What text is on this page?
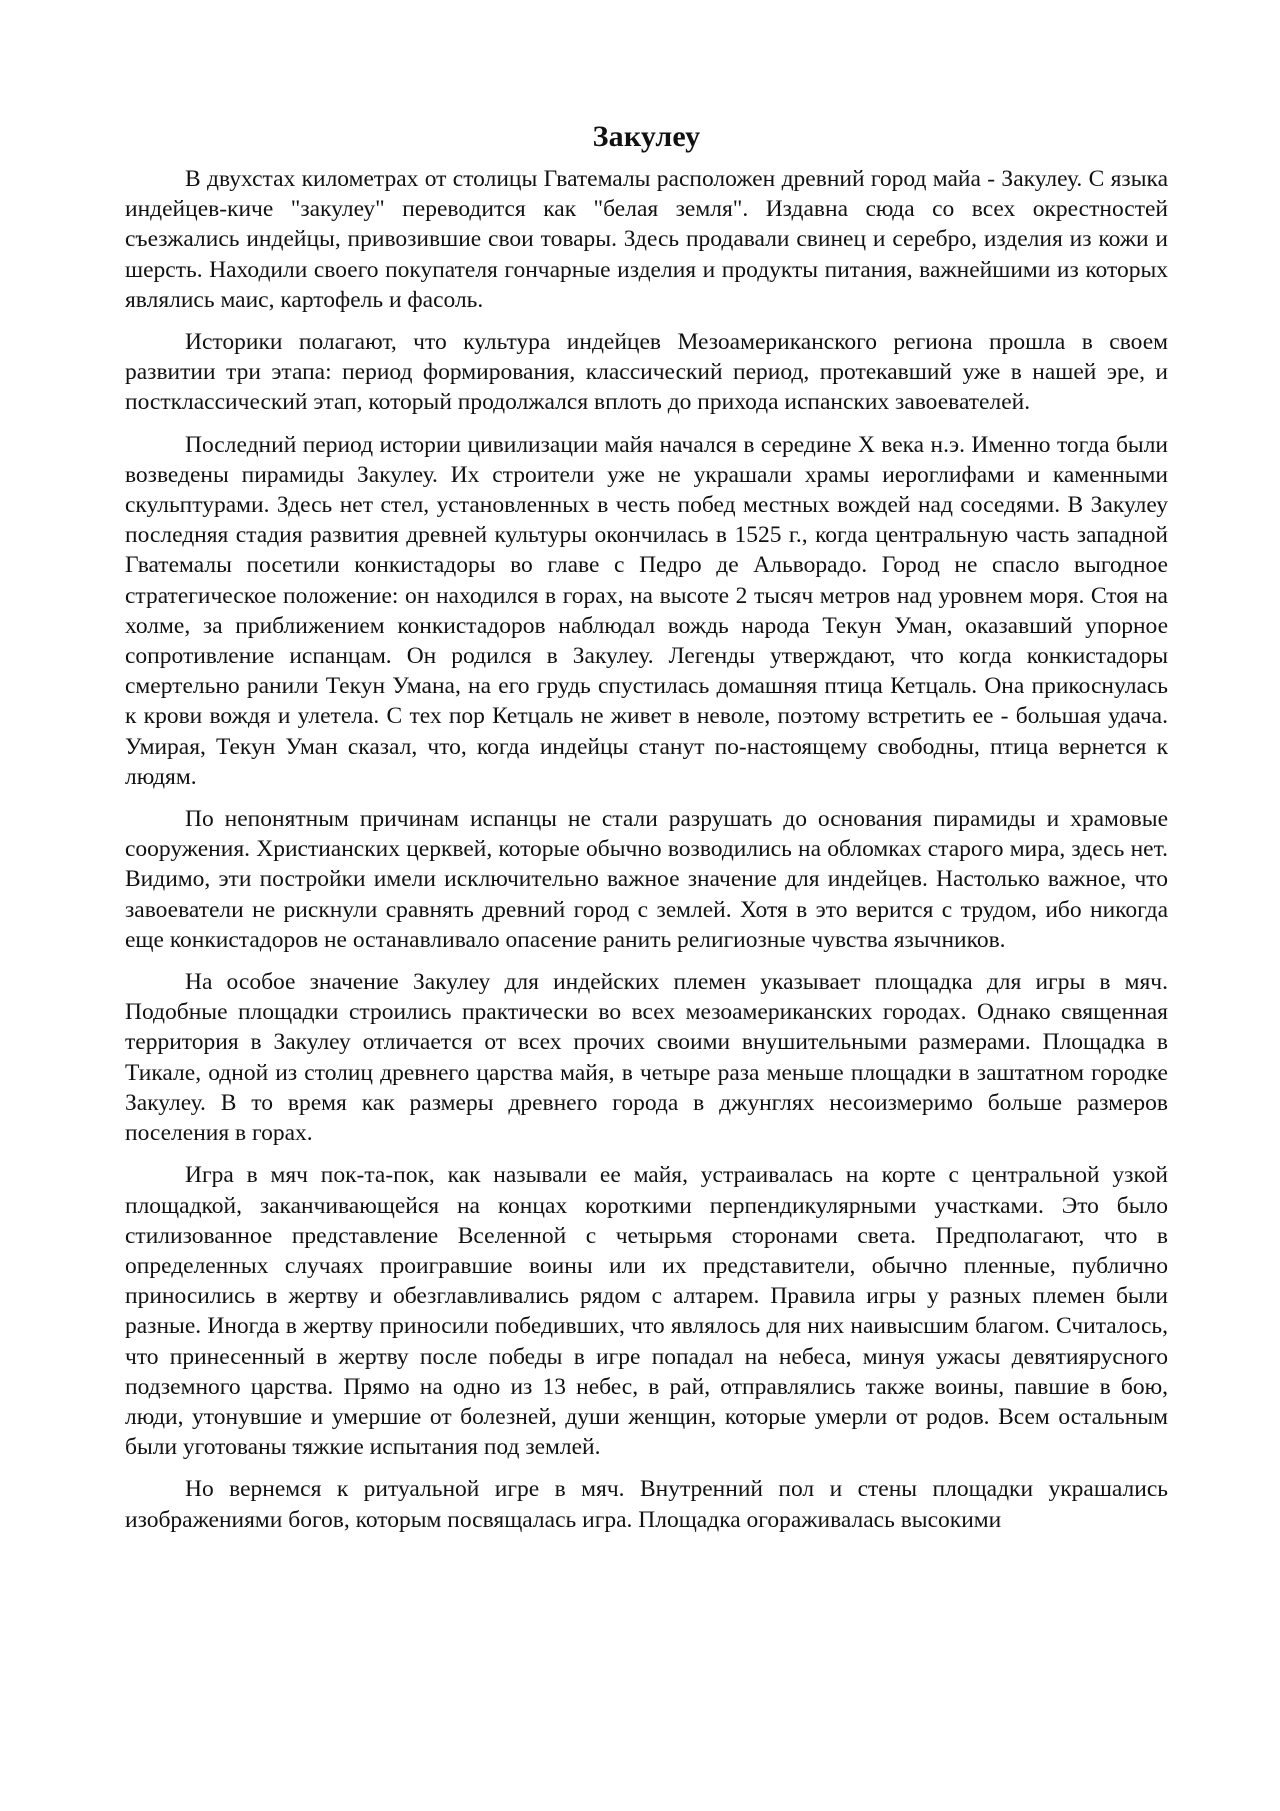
Закулеу

В двухстах километрах от столицы Гватемалы расположен древний город майа - Закулеу. С языка индейцев-киче "закулеу" переводится как "белая земля". Издавна сюда со всех окрестностей съезжались индейцы, привозившие свои товары. Здесь продавали свинец и серебро, изделия из кожи и шерсть. Находили своего покупателя гончарные изделия и продукты питания, важнейшими из которых являлись маис, картофель и фасоль.

Историки полагают, что культура индейцев Мезоамериканского региона прошла в своем развитии три этапа: период формирования, классический период, протекавший уже в нашей эре, и постклассический этап, который продолжался вплоть до прихода испанских завоевателей.

Последний период истории цивилизации майя начался в середине X века н.э. Именно тогда были возведены пирамиды Закулеу. Их строители уже не украшали храмы иероглифами и каменными скульптурами. Здесь нет стел, установленных в честь побед местных вождей над соседями. В Закулеу последняя стадия развития древней культуры окончилась в 1525 г., когда центральную часть западной Гватемалы посетили конкистадоры во главе с Педро де Альворадо. Город не спасло выгодное стратегическое положение: он находился в горах, на высоте 2 тысяч метров над уровнем моря. Стоя на холме, за приближением конкистадоров наблюдал вождь народа Текун Уман, оказавший упорное сопротивление испанцам. Он родился в Закулеу. Легенды утверждают, что когда конкистадоры смертельно ранили Текун Умана, на его грудь спустилась домашняя птица Кетцаль. Она прикоснулась к крови вождя и улетела. С тех пор Кетцаль не живет в неволе, поэтому встретить ее - большая удача. Умирая, Текун Уман сказал, что, когда индейцы станут по-настоящему свободны, птица вернется к людям.

По непонятным причинам испанцы не стали разрушать до основания пирамиды и храмовые сооружения. Христианских церквей, которые обычно возводились на обломках старого мира, здесь нет. Видимо, эти постройки имели исключительно важное значение для индейцев. Настолько важное, что завоеватели не рискнули сравнять древний город с землей. Хотя в это верится с трудом, ибо никогда еще конкистадоров не останавливало опасение ранить религиозные чувства язычников.

На особое значение Закулеу для индейских племен указывает площадка для игры в мяч. Подобные площадки строились практически во всех мезоамериканских городах. Однако священная территория в Закулеу отличается от всех прочих своими внушительными размерами. Площадка в Тикале, одной из столиц древнего царства майя, в четыре раза меньше площадки в заштатном городке Закулеу. В то время как размеры древнего города в джунглях несоизмеримо больше размеров поселения в горах.

Игра в мяч пок-та-пок, как называли ее майя, устраивалась на корте с центральной узкой площадкой, заканчивающейся на концах короткими перпендикулярными участками. Это было стилизованное представление Вселенной с четырьмя сторонами света. Предполагают, что в определенных случаях проигравшие воины или их представители, обычно пленные, публично приносились в жертву и обезглавливались рядом с алтарем. Правила игры у разных племен были разные. Иногда в жертву приносили победивших, что являлось для них наивысшим благом. Считалось, что принесенный в жертву после победы в игре попадал на небеса, минуя ужасы девятиярусного подземного царства. Прямо на одно из 13 небес, в рай, отправлялись также воины, павшие в бою, люди, утонувшие и умершие от болезней, души женщин, которые умерли от родов. Всем остальным были уготованы тяжкие испытания под землей.

Но вернемся к ритуальной игре в мяч. Внутренний пол и стены площадки украшались изображениями богов, которым посвящалась игра. Площадка огораживалась высокими
